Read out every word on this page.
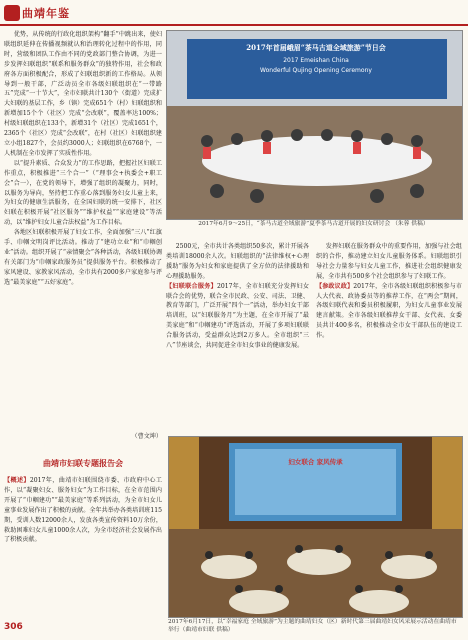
曲靖年鉴

优势，从传统的行政化组织架构“翻手”中跳出来，使妇联组织延伸在传播视频就认和治理转化过程中的作用，同时，营级和团队工作由不同的党政部门整合协调，为进一步发挥妇联组织“联系和服务群众”的独特作用，社会和政府各方面积极配合，形成了妇联组织新的工作格局。从领导到一般干部，广泛动员全市各级妇联组织在“一带路五”完成“一十节大”，全市妇联共计130个（街道）完成扩大妇联的基层工作，乡（镇）完成651个（村）妇联组织和新增加15个个（社区）完成“会改联”，覆盖率达100%；村级妇联组织在133个，新增31个（社区）完成1651个，2365个（社区）完成“会改联”，在村（社区）妇联组织建立小组1827个，会员约3000人；妇联组织在6768个，一人机制在全市发挥了实质性作用。

以“提升素质、合众发力”的工作思路，把握社区妇联工作重点，积极推进“三个合一”（“理事会+执委会+职工会”合一），在党的领导下，增强了组织的凝聚力，同时，以服务为导向，坚持把工作重心落到服务妇女儿童上来，为妇女的健康生活服务，在全国妇联的统一安排下，社区妇联在积极开展“社区服务”“维护权益”“家庭建设”等活动，以“维护妇女儿童合法权益”为工作目标。

各地区妇联积极开展了妇女工作，全面加强“三八”红旗手、巾帼文明岗评比活动。推动了“建功立业”和“巾帼创业”活动。组织开展了“亲情聚会”各种活动，各级妇联协调有关部门为“巾帼家政服务员”提供服务平台。积极推动了家风建设、家教家风活动，全市共有2000多户家庭参与评选“最美家庭”“五好家庭”。

（曹文坤）
2017年首届峨眉“茶马古道全域旅游”节日会
2017 Emeishan China
Wonderful Qujing Opening Ceremony
2017年6月9～25日，“茶马古道全域旅游”夏季茶马古道开展的妇女研讨会 （朱蓉 供稿）

2500元，全市共计各类组织50多次，累计开展各类培训18000余人次。妇联组织的“法律维权+心理援助”服务为妇女和家庭提供了全方位的法律援助和心理援助服务。

【妇联联合服务】2017年，全市妇联充分发挥妇女联合会的优势，联合全市民政、公安、司法、卫健、教育等部门，广泛开展“四个一”活动，举办妇女干部培训班，以“妇联服务月”为主题，在全市开展了“最美家庭”和“巾帼建功”评选活动，开展了多项妇联联合服务活动，受益群众达到2万多人。全市组织“三八”节座谈会，共同促进全市妇女事业的健康发展。

发挥妇联在服务群众中的重要作用，加强与社会组织的合作，推动建立妇女儿童服务体系。妇联组织引导社会力量参与妇女儿童工作，推进社会组织健康发展，全市共有500多个社会组织参与了妇联工作。

【参政议政】2017年，全市各级妇联组织积极参与市人大代表、政协委员等的推荐工作，在“两会”期间，各级妇联代表和委员积极履职，为妇女儿童事业发展建言献策。全市各级妇联推荐女干部、女代表、女委员共计400多名，积极推动全市女干部队伍的建设工作。

曲靖市妇联专题报告会

【概述】2017年，曲靖市妇联围绕市委、市政府中心工作，以“凝聚妇女、服务妇女”为工作目标，在全市范围内开展了“巾帼建功”“最美家庭”等系列活动，为全市妇女儿童事业发展作出了积极的贡献。全年共举办各类培训班115期，受训人数12000余人，发放各类宣传资料10万余份，救助困难妇女儿童1000余人次，为全市经济社会发展作出了积极贡献。

妇女联合 家风传承
2017年6月17日，以“幸福家庭 全域旅游”为主题的曲靖妇女（区）新时代第三届曲靖妇女风采展示活动在曲靖市举行（曲靖市妇联 供稿）
306
